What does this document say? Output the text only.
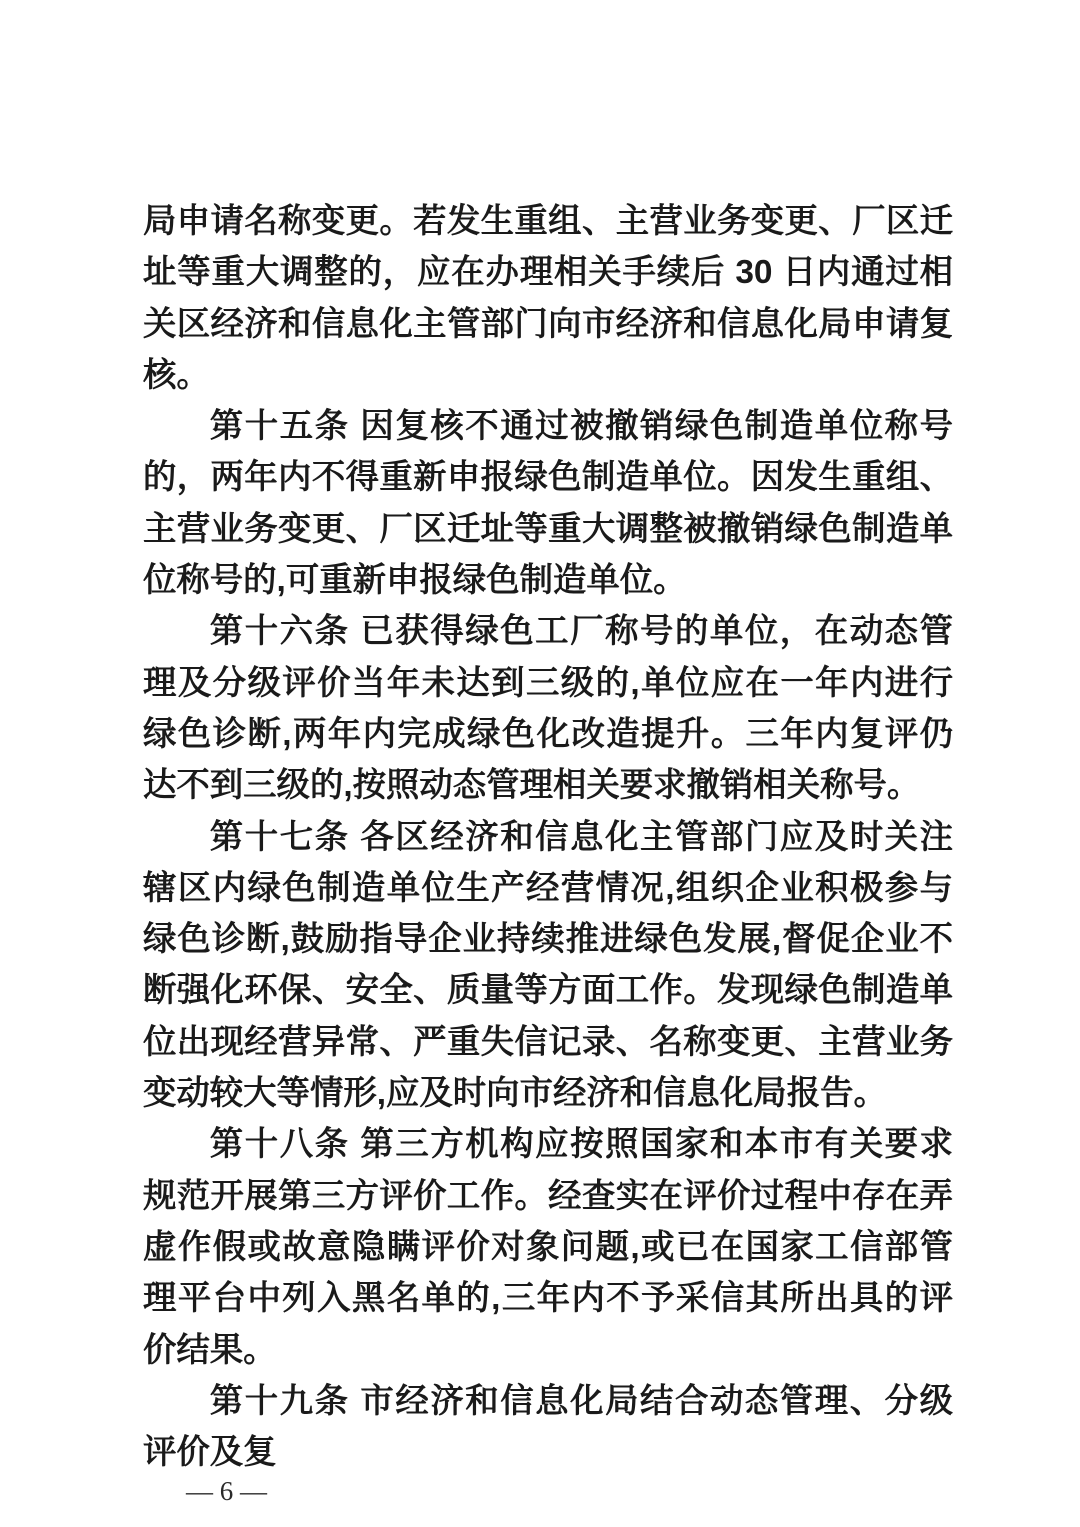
局申请名称变更。若发生重组、主营业务变更、厂区迁址等重大调整的，应在办理相关手续后 30 日内通过相关区经济和信息化主管部门向市经济和信息化局申请复核。

第十五条 因复核不通过被撤销绿色制造单位称号的，两年内不得重新申报绿色制造单位。因发生重组、主营业务变更、厂区迁址等重大调整被撤销绿色制造单位称号的,可重新申报绿色制造单位。

第十六条 已获得绿色工厂称号的单位，在动态管理及分级评价当年未达到三级的,单位应在一年内进行绿色诊断,两年内完成绿色化改造提升。三年内复评仍达不到三级的,按照动态管理相关要求撤销相关称号。

第十七条 各区经济和信息化主管部门应及时关注辖区内绿色制造单位生产经营情况,组织企业积极参与绿色诊断,鼓励指导企业持续推进绿色发展,督促企业不断强化环保、安全、质量等方面工作。发现绿色制造单位出现经营异常、严重失信记录、名称变更、主营业务变动较大等情形,应及时向市经济和信息化局报告。

第十八条 第三方机构应按照国家和本市有关要求规范开展第三方评价工作。经查实在评价过程中存在弄虚作假或故意隐瞒评价对象问题,或已在国家工信部管理平台中列入黑名单的,三年内不予采信其所出具的评价结果。

第十九条 市经济和信息化局结合动态管理、分级评价及复

— 6 —
